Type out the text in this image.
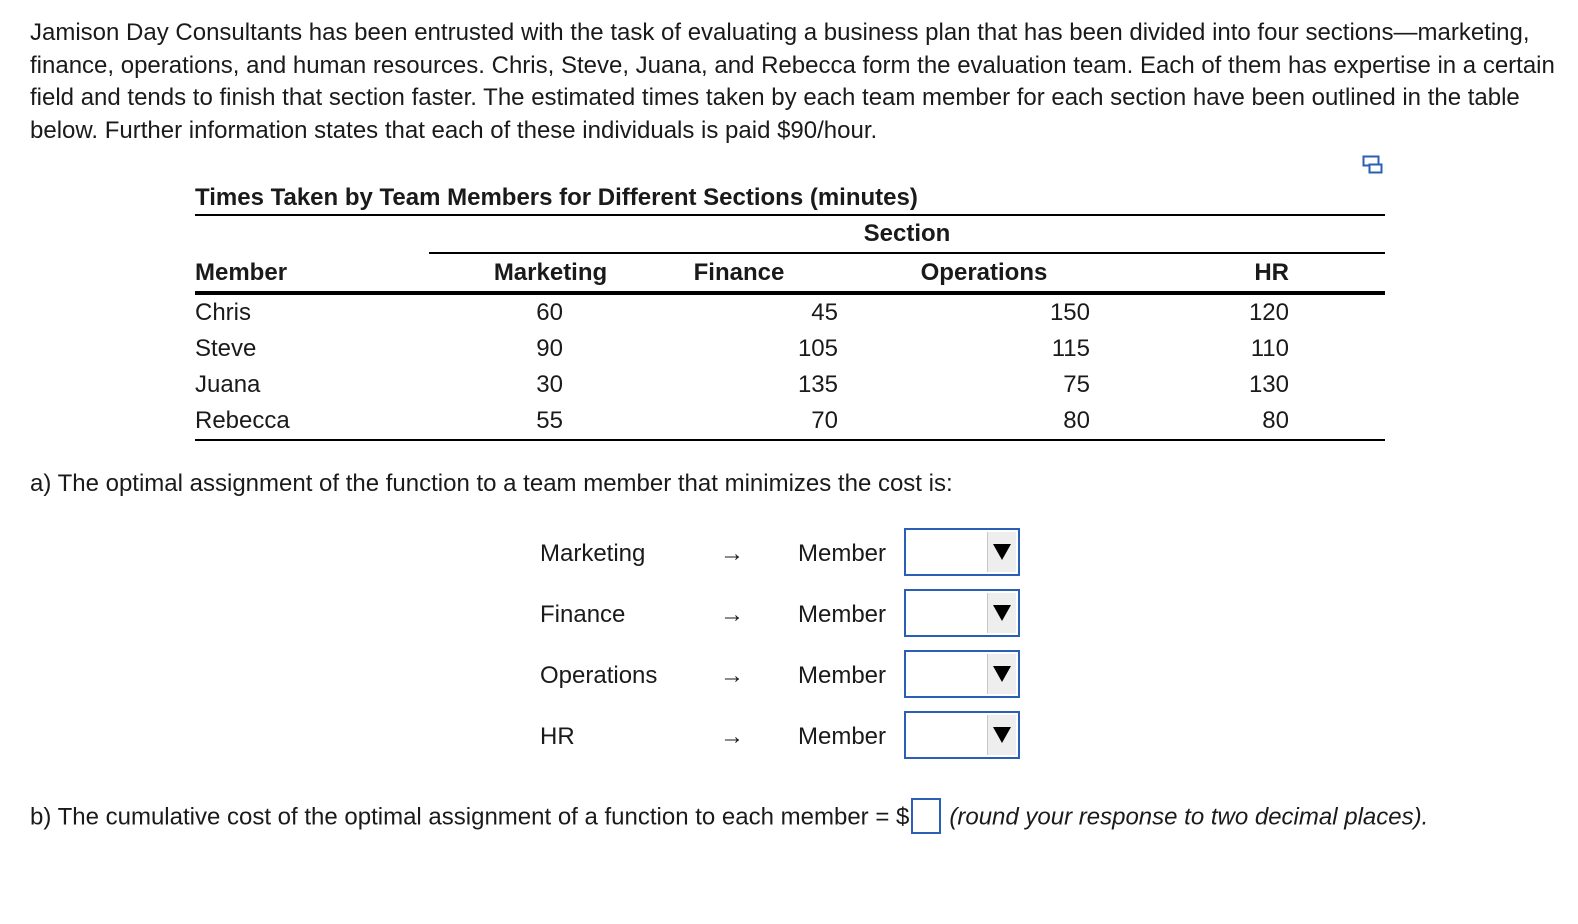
Jamison Day Consultants has been entrusted with the task of evaluating a business plan that has been divided into four sections—marketing, finance, operations, and human resources. Chris, Steve, Juana, and Rebecca form the evaluation team. Each of them has expertise in a certain field and tends to finish that section faster. The estimated times taken by each team member for each section have been outlined in the table below. Further information states that each of these individuals is paid $90/hour.

Times Taken by Team Members for Different Sections (minutes)
Section
Member	Marketing	Finance	Operations	HR
Chris	60	45	150	120
Steve	90	105	115	110
Juana	30	135	75	130
Rebecca	55	70	80	80
a) The optimal assignment of the function to a team member that minimizes the cost is:
Marketing	→ Member
Finance	→ Member
Operations	→ Member
HR	→ Member
b) The cumulative cost of the optimal assignment of a function to each member = $ (round your response to two decimal places).
